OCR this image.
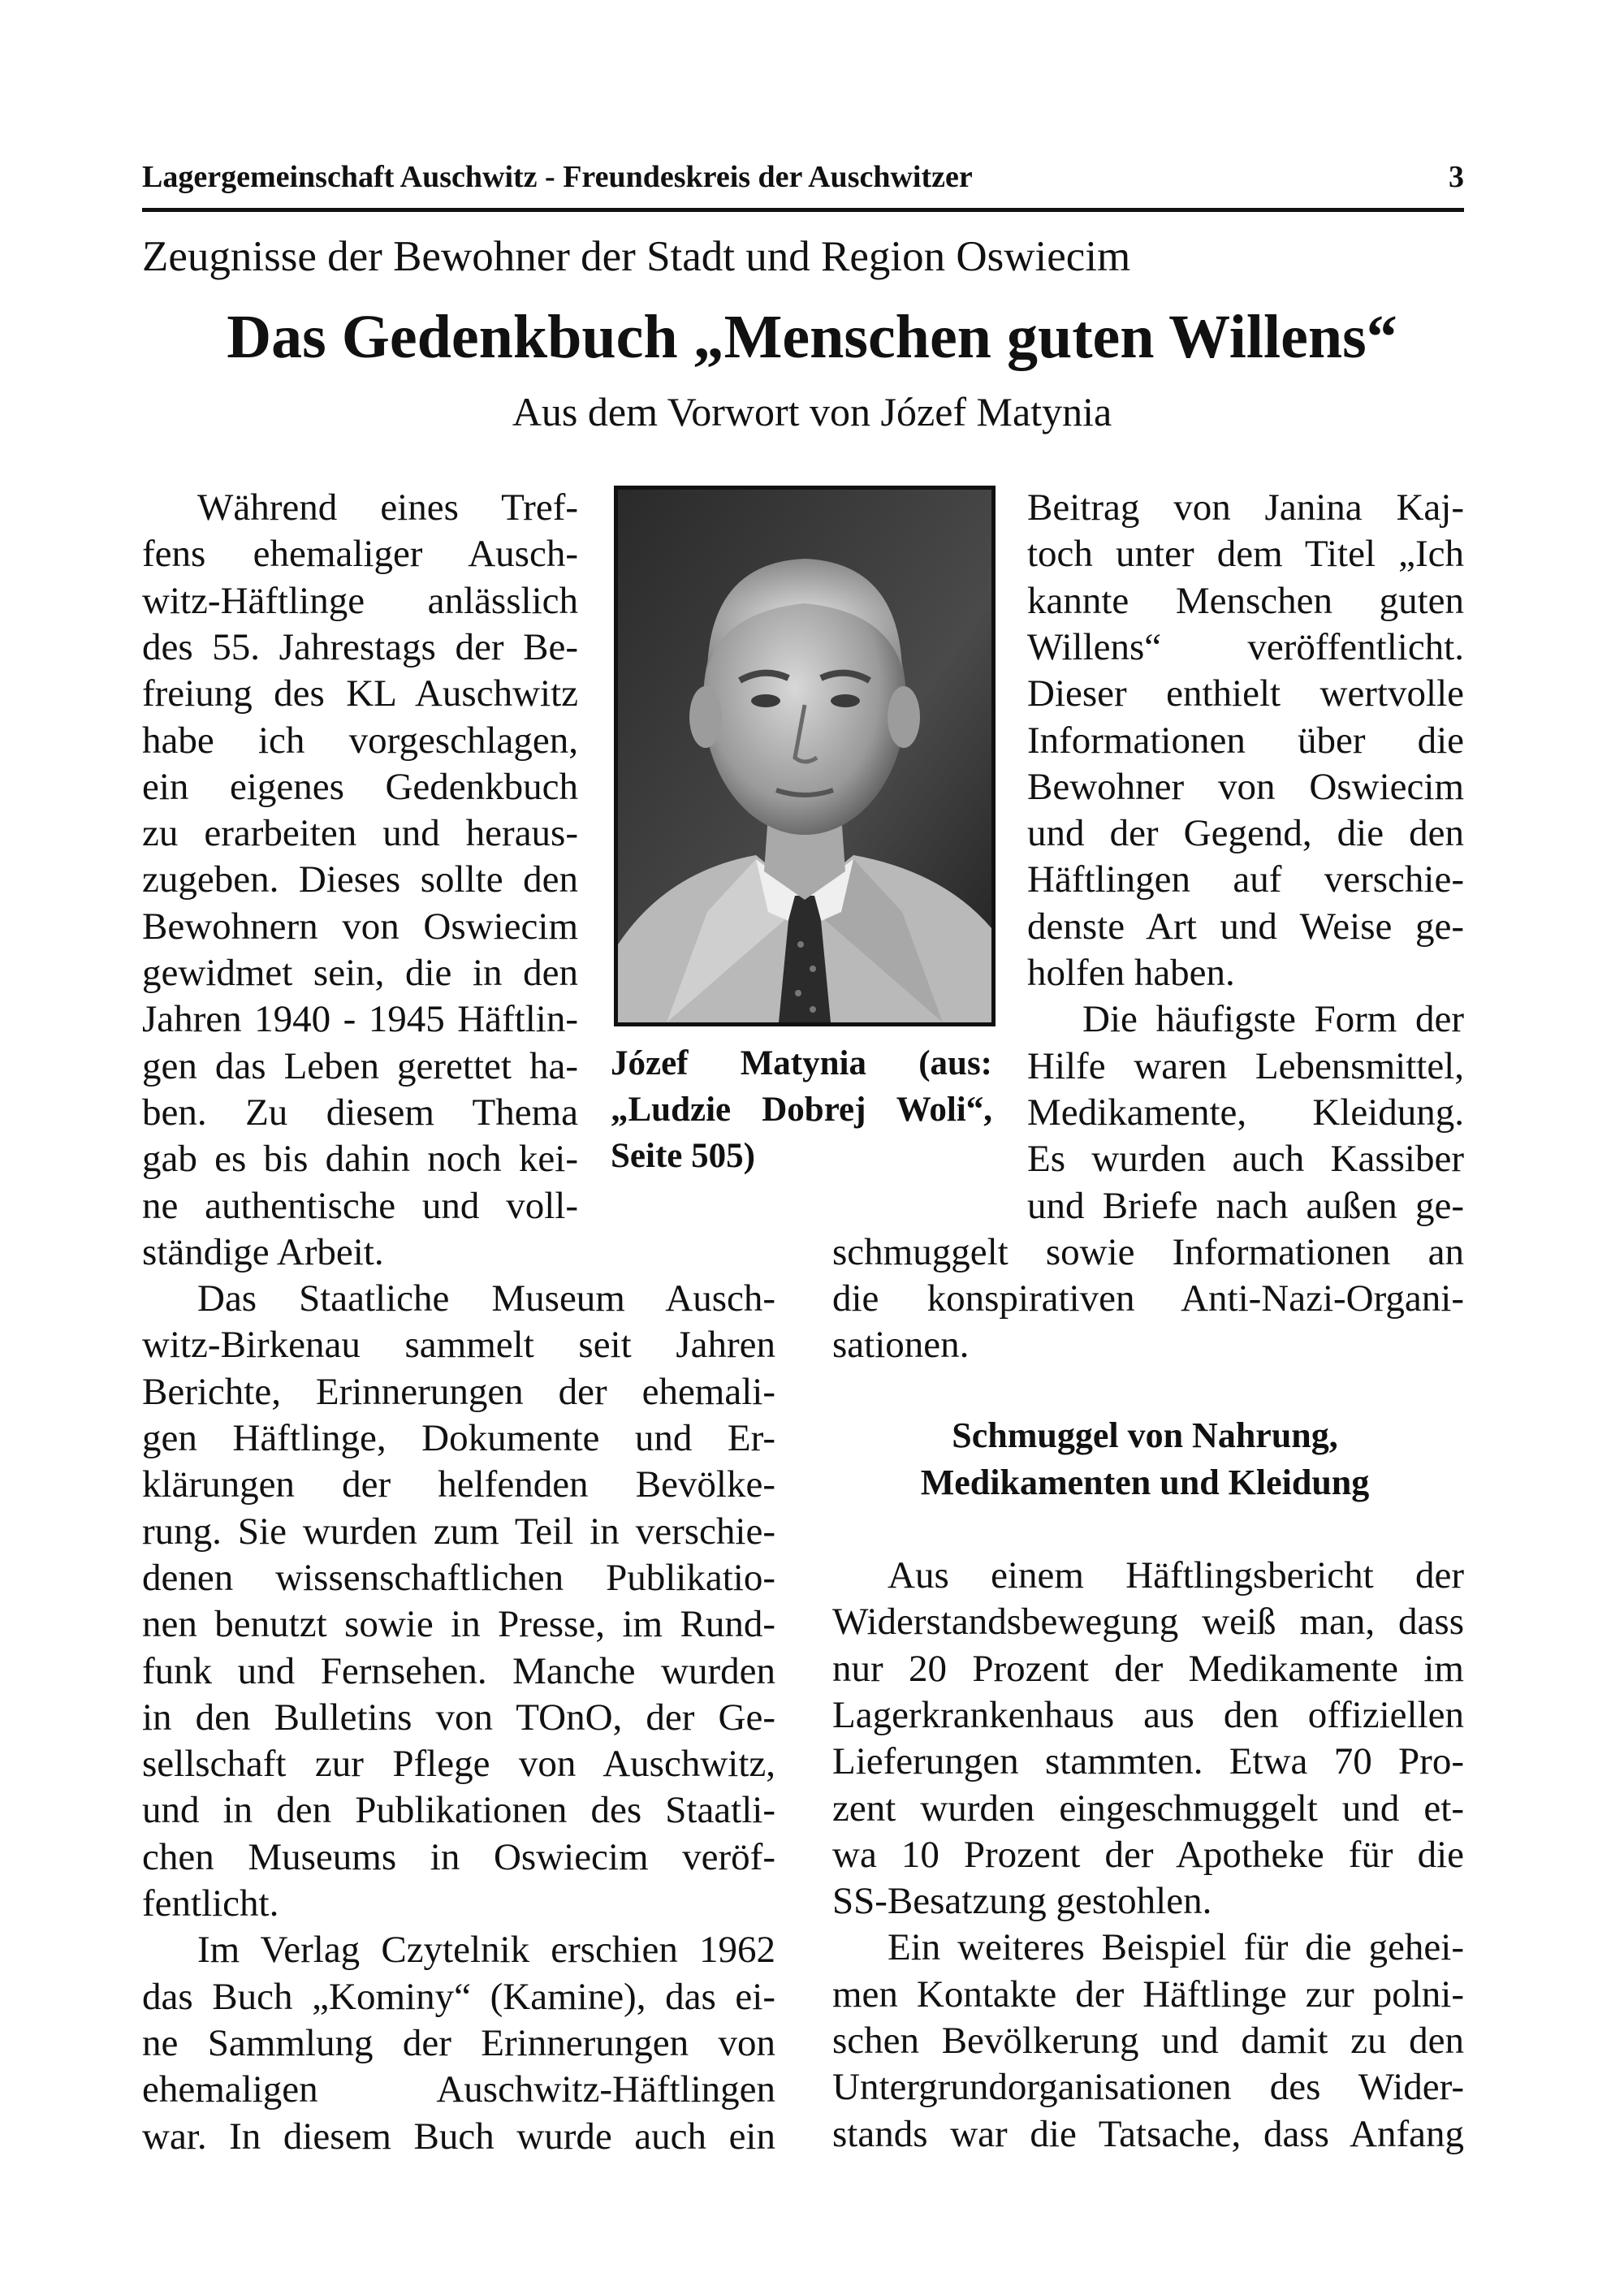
Lagergemeinschaft Auschwitz - Freundeskreis der Auschwitzer	3
Zeugnisse der Bewohner der Stadt und Region Oswiecim
Das Gedenkbuch „Menschen guten Willens“
Aus dem Vorwort von Józef Matynia
Józef Matynia (aus:
„Ludzie Dobrej Woli“,
Seite 505)
Während eines Tref-
fens ehemaliger Ausch-
witz-Häftlinge anlässlich
des 55. Jahrestags der Be-
freiung des KL Auschwitz
habe ich vorgeschlagen,
ein eigenes Gedenkbuch
zu erarbeiten und heraus-
zugeben. Dieses sollte den
Bewohnern von Oswiecim
gewidmet sein, die in den
Jahren 1940 - 1945 Häftlin-
gen das Leben gerettet ha-
ben. Zu diesem Thema
gab es bis dahin noch kei-
ne authentische und voll-
ständige Arbeit.
Das Staatliche Museum Ausch-
witz-Birkenau sammelt seit Jahren
Berichte, Erinnerungen der ehemali-
gen Häftlinge, Dokumente und Er-
klärungen der helfenden Bevölke-
rung. Sie wurden zum Teil in verschie-
denen wissenschaftlichen Publikatio-
nen benutzt sowie in Presse, im Rund-
funk und Fernsehen. Manche wurden
in den Bulletins von TOnO, der Ge-
sellschaft zur Pflege von Auschwitz,
und in den Publikationen des Staatli-
chen Museums in Oswiecim veröf-
fentlicht.
Im Verlag Czytelnik erschien 1962
das Buch „Kominy“ (Kamine), das ei-
ne Sammlung der Erinnerungen von
ehemaligen Auschwitz-Häftlingen
war. In diesem Buch wurde auch ein
Beitrag von Janina Kaj-
toch unter dem Titel „Ich
kannte Menschen guten
Willens“ veröffentlicht.
Dieser enthielt wertvolle
Informationen über die
Bewohner von Oswiecim
und der Gegend, die den
Häftlingen auf verschie-
denste Art und Weise ge-
holfen haben.
Die häufigste Form der
Hilfe waren Lebensmittel,
Medikamente, Kleidung.
Es wurden auch Kassiber
und Briefe nach außen ge-
schmuggelt sowie Informationen an
die konspirativen Anti-Nazi-Organi-
sationen.
Schmuggel von Nahrung,
Medikamenten und Kleidung
Aus einem Häftlingsbericht der
Widerstandsbewegung weiß man, dass
nur 20 Prozent der Medikamente im
Lagerkrankenhaus aus den offiziellen
Lieferungen stammten. Etwa 70 Pro-
zent wurden eingeschmuggelt und et-
wa 10 Prozent der Apotheke für die
SS-Besatzung gestohlen.
Ein weiteres Beispiel für die gehei-
men Kontakte der Häftlinge zur polni-
schen Bevölkerung und damit zu den
Untergrundorganisationen des Wider-
stands war die Tatsache, dass Anfang
